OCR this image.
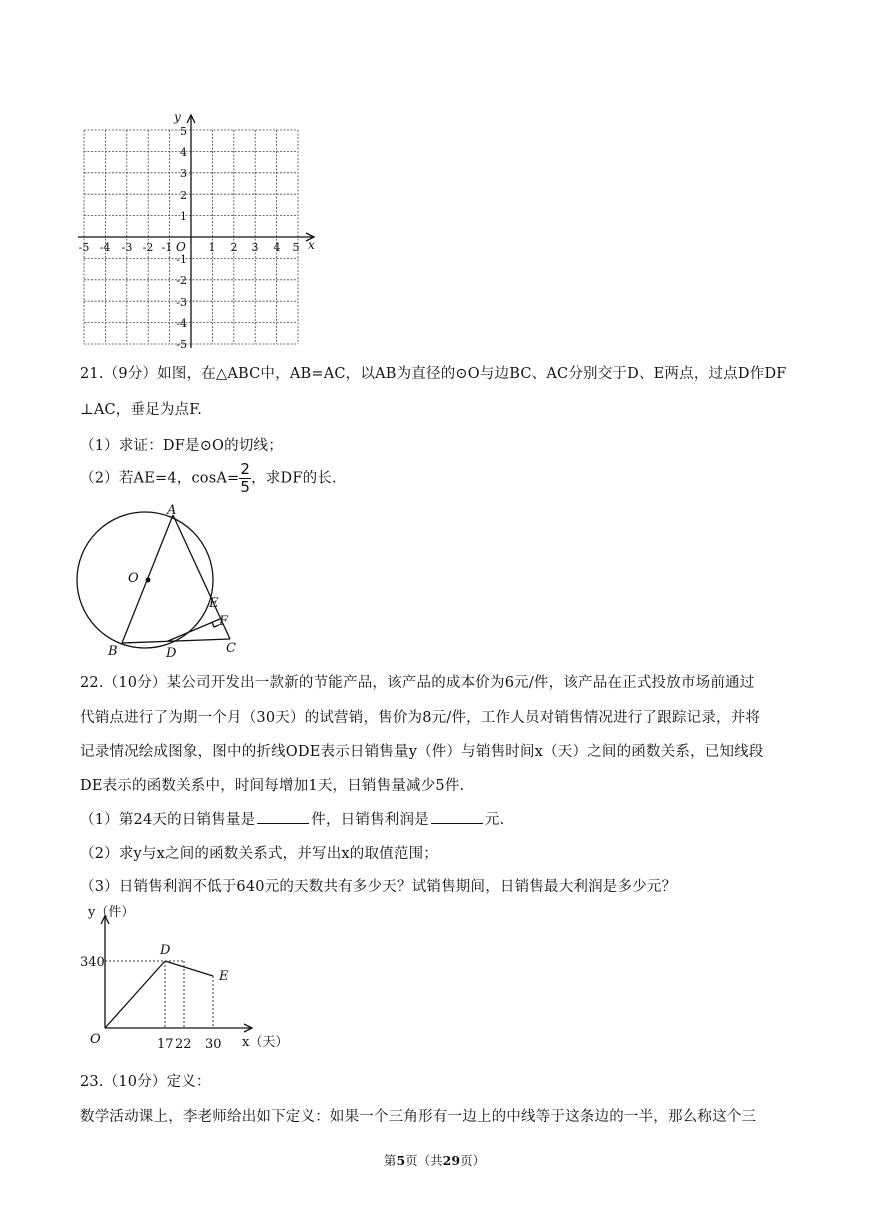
x
y
O
-5 -4 -3 -2 -1	1 2 3 4 5
5
4
3
2
1
-1
-2
-3
-4
-5
21.（9分）如图，在△ABC中，AB=AC，以AB为直径的⊙O与边BC、AC分别交于D、E两点，过点D作DF
⊥AC，垂足为点F.
（1）求证：DF是⊙O的切线；
（2）若AE=4，$\cos A= \frac{2}{5}$ ，求DF的长.
A
O
E
F
B	D	C
22.（10分）某公司开发出一款新的节能产品，该产品的成本价为6元/件，该产品在正式投放市场前通过
代销点进行了为期一个月（30天）的试营销，售价为8元/件，工作人员对销售情况进行了跟踪记录，并将
记录情况绘成图象，图中的折线ODE表示日销售量y（件）与销售时间x（天）之间的函数关系，已知线段
DE表示的函数关系中，时间每增加1天，日销售量减少5件.
（1）第24天的日销售量是	件，日销售利润是	元.
（2）求y与x之间的函数关系式，并写出x的取值范围；
（3）日销售利润不低于640元的天数共有多少天？试销售期间，日销售最大利润是多少元？
y（件）
x（天）
O
D
E
340
17 22 30
23.（10分）定义：
数学活动课上，李老师给出如下定义：如果一个三角形有一边上的中线等于这条边的一半，那么称这个三
第5页（共29页）
